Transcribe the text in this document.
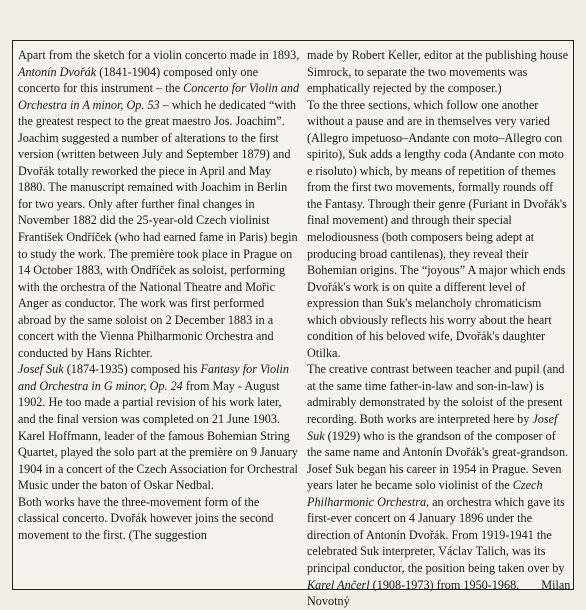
Apart from the sketch for a violin concerto made in 1893, Antonín Dvořák (1841-1904) composed only one concerto for this instrument – the Concerto for Violin and Orchestra in A minor, Op. 53 – which he dedicated “with the greatest respect to the great maestro Jos. Joachim”. Joachim suggested a number of alterations to the first version (written between July and September 1879) and Dvořák totally reworked the piece in April and May 1880. The manuscript remained with Joachim in Berlin for two years. Only after further final changes in November 1882 did the 25-year-old Czech violinist František Ondříček (who had earned fame in Paris) begin to study the work. The première took place in Prague on 14 October 1883, with Ondříček as soloist, performing with the orchestra of the National Theatre and Mořic Anger as conductor. The work was first performed abroad by the same soloist on 2 December 1883 in a concert with the Vienna Philharmonic Orchestra and conducted by Hans Richter.

Josef Suk (1874-1935) composed his Fantasy for Violin and Orchestra in G minor, Op. 24 from May - August 1902. He too made a partial revision of his work later, and the final version was completed on 21 June 1903. Karel Hoffmann, leader of the famous Bohemian String Quartet, played the solo part at the première on 9 January 1904 in a concert of the Czech Association for Orchestral Music under the baton of Oskar Nedbal.

Both works have the three-movement form of the classical concerto. Dvořák however joins the second movement to the first. (The suggestion

made by Robert Keller, editor at the publishing house Simrock, to separate the two movements was emphatically rejected by the composer.)

To the three sections, which follow one another without a pause and are in themselves very varied (Allegro impetuoso–Andante con moto–Allegro con spirito), Suk adds a lengthy coda (Andante con moto e risoluto) which, by means of repetition of themes from the first two movements, formally rounds off the Fantasy. Through their genre (Furiant in Dvořák's final movement) and through their special melodiousness (both composers being adept at producing broad cantilenas), they reveal their Bohemian origins. The “joyous” A major which ends Dvořák's work is on quite a different level of expression than Suk's melancholy chromaticism which obviously reflects his worry about the heart condition of his beloved wife, Dvořák's daughter Otilka.

The creative contrast between teacher and pupil (and at the same time father-in-law and son-in-law) is admirably demonstrated by the soloist of the present recording. Both works are interpreted here by Josef Suk (1929) who is the grandson of the composer of the same name and Antonín Dvořák's great-grandson. Josef Suk began his career in 1954 in Prague. Seven years later he became solo violinist of the Czech Philharmonic Orchestra, an orchestra which gave its first-ever concert on 4 January 1896 under the direction of Antonín Dvořák. From 1919-1941 the celebrated Suk interpreter, Václav Talich, was its principal conductor, the position being taken over by Karel Ančerl (1908-1973) from 1950-1968. Milan Novotný
